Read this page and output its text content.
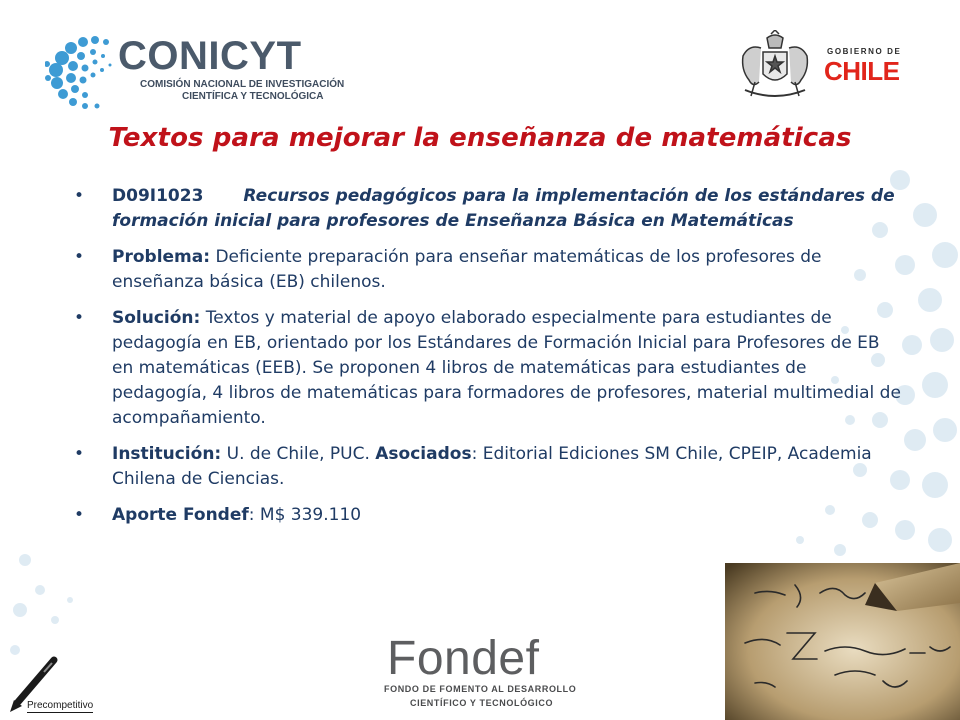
CONICYT
COMISIÓN NACIONAL DE INVESTIGACIÓN
CIENTÍFICA Y TECNOLÓGICA
GOBIERNO DE
CHILE
Textos para mejorar la enseñanza de matemáticas
• D09I1023 Recursos pedagógicos para la implementación de los estándares de formación inicial para profesores de Enseñanza Básica en Matemáticas
• Problema: Deficiente preparación para enseñar matemáticas de los profesores de enseñanza básica (EB) chilenos.
• Solución: Textos y material de apoyo elaborado especialmente para estudiantes de pedagogía en EB, orientado por los Estándares de Formación Inicial para Profesores de EB en matemáticas (EEB). Se proponen 4 libros de matemáticas para estudiantes de pedagogía, 4 libros de matemáticas para formadores de profesores, material multimedial de acompañamiento.
• Institución: U. de Chile, PUC. Asociados: Editorial Ediciones SM Chile, CPEIP, Academia Chilena de Ciencias.
• Aporte Fondef: M$ 339.110
Fondef
FONDO DE FOMENTO AL DESARROLLO
CIENTÍFICO Y TECNOLÓGICO
Precompetitivo
